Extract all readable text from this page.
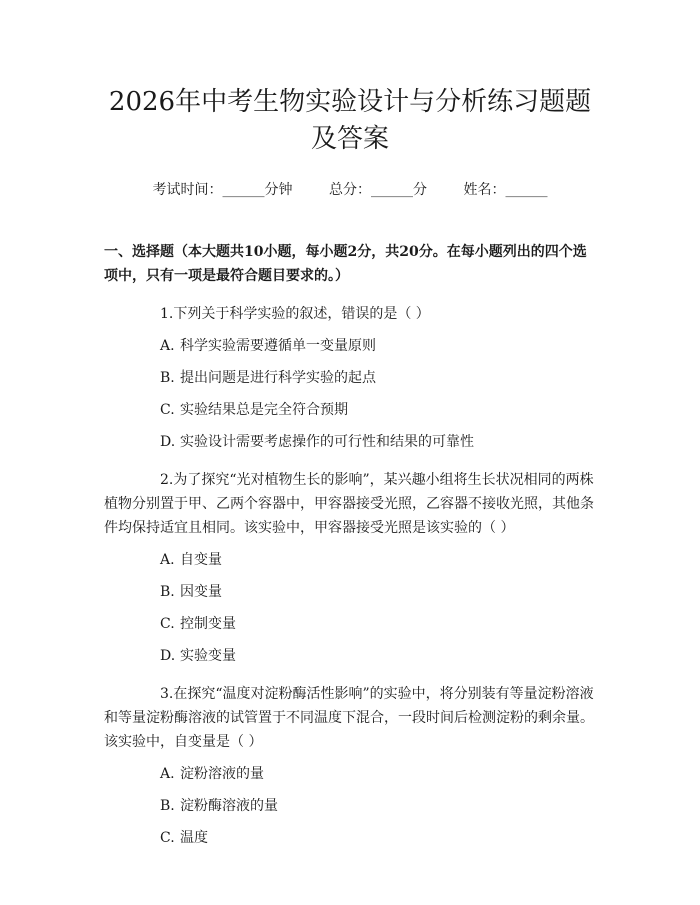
2026年中考生物实验设计与分析练习题题及答案
考试时间：______分钟	总分：______分	姓名：______
一、选择题（本大题共10小题，每小题2分，共20分。在每小题列出的四个选项中，只有一项是最符合题目要求的。）
1.下列关于科学实验的叙述，错误的是（ ）
A. 科学实验需要遵循单一变量原则
B. 提出问题是进行科学实验的起点
C. 实验结果总是完全符合预期
D. 实验设计需要考虑操作的可行性和结果的可靠性
2.为了探究“光对植物生长的影响”，某兴趣小组将生长状况相同的两株植物分别置于甲、乙两个容器中，甲容器接受光照，乙容器不接收光照，其他条件均保持适宜且相同。该实验中，甲容器接受光照是该实验的（ ）
A. 自变量
B. 因变量
C. 控制变量
D. 实验变量
3.在探究“温度对淀粉酶活性影响”的实验中，将分别装有等量淀粉溶液和等量淀粉酶溶液的试管置于不同温度下混合，一段时间后检测淀粉的剩余量。该实验中，自变量是（ ）
A. 淀粉溶液的量
B. 淀粉酶溶液的量
C. 温度
